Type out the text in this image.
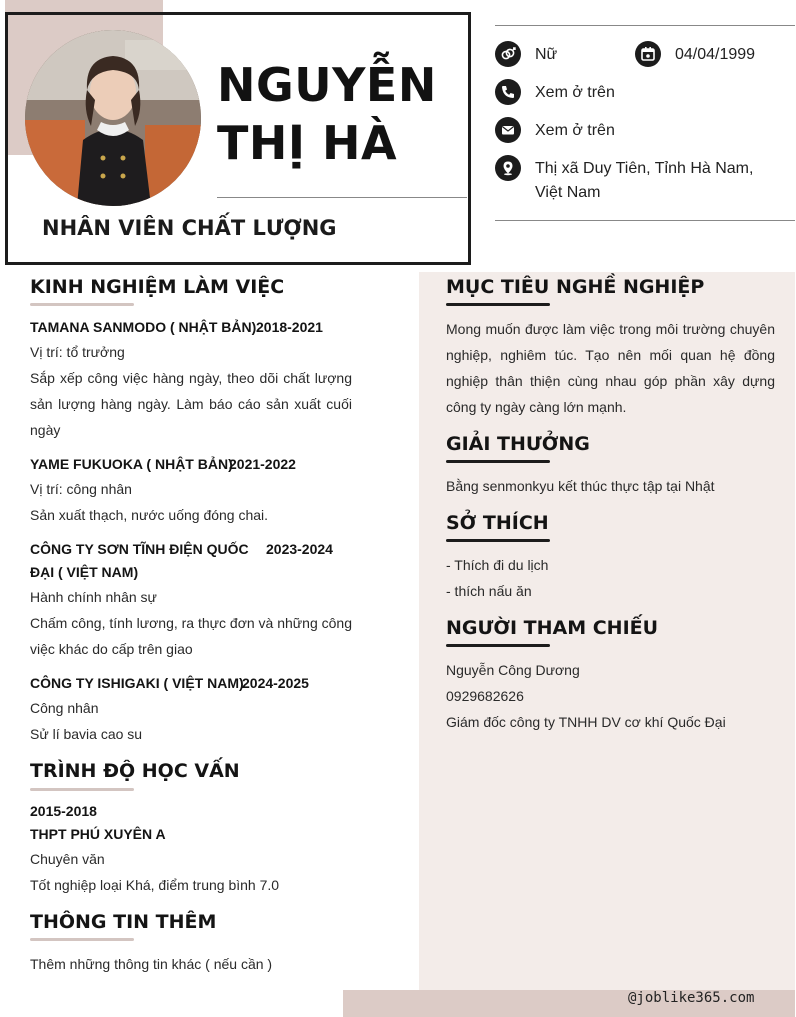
NGUYỄN
THỊ HÀ
NHÂN VIÊN CHẤT LƯỢNG
Nữ	04/04/1999
Xem ở trên
Xem ở trên
Thị xã Duy Tiên, Tỉnh Hà Nam,
Việt Nam
KINH NGHIỆM LÀM VIỆC
TAMANA SANMODO ( NHẬT BẢN) 2018-2021
Vị trí: tổ trưởng
Sắp xếp công việc hàng ngày, theo dõi chất lượng sản lượng hàng ngày. Làm báo cáo sản xuất cuối ngày
YAME FUKUOKA ( NHẬT BẢN)
2021-2022
Vị trí: công nhân
Sản xuất thạch, nước uống đóng chai.
CÔNG TY SƠN TĨNH ĐIỆN QUỐC
ĐẠI ( VIỆT NAM)
2023-2024
Hành chính nhân sự
Chấm công, tính lương, ra thực đơn và những công việc khác do cấp trên giao
CÔNG TY ISHIGAKI ( VIỆT NAM)
2024-2025
Công nhân
Sử lí bavia cao su
TRÌNH ĐỘ HỌC VẤN
2015-2018
THPT PHÚ XUYÊN A
Chuyên văn
Tốt nghiệp loại Khá, điểm trung bình 7.0
THÔNG TIN THÊM
Thêm những thông tin khác ( nếu cần )
MỤC TIÊU NGHỀ NGHIỆP
Mong muốn được làm việc trong môi trường chuyên nghiệp, nghiêm túc. Tạo nên mối quan hệ đồng nghiệp thân thiện cùng nhau góp phần xây dựng công ty ngày càng lớn mạnh.
GIẢI THƯỞNG
Bằng senmonkyu kết thúc thực tập tại Nhật
SỞ THÍCH
- Thích đi du lịch
- thích nấu ăn
NGƯỜI THAM CHIẾU
Nguyễn Công Dương
0929682626
Giám đốc công ty TNHH DV cơ khí Quốc Đại
@joblike365.com
